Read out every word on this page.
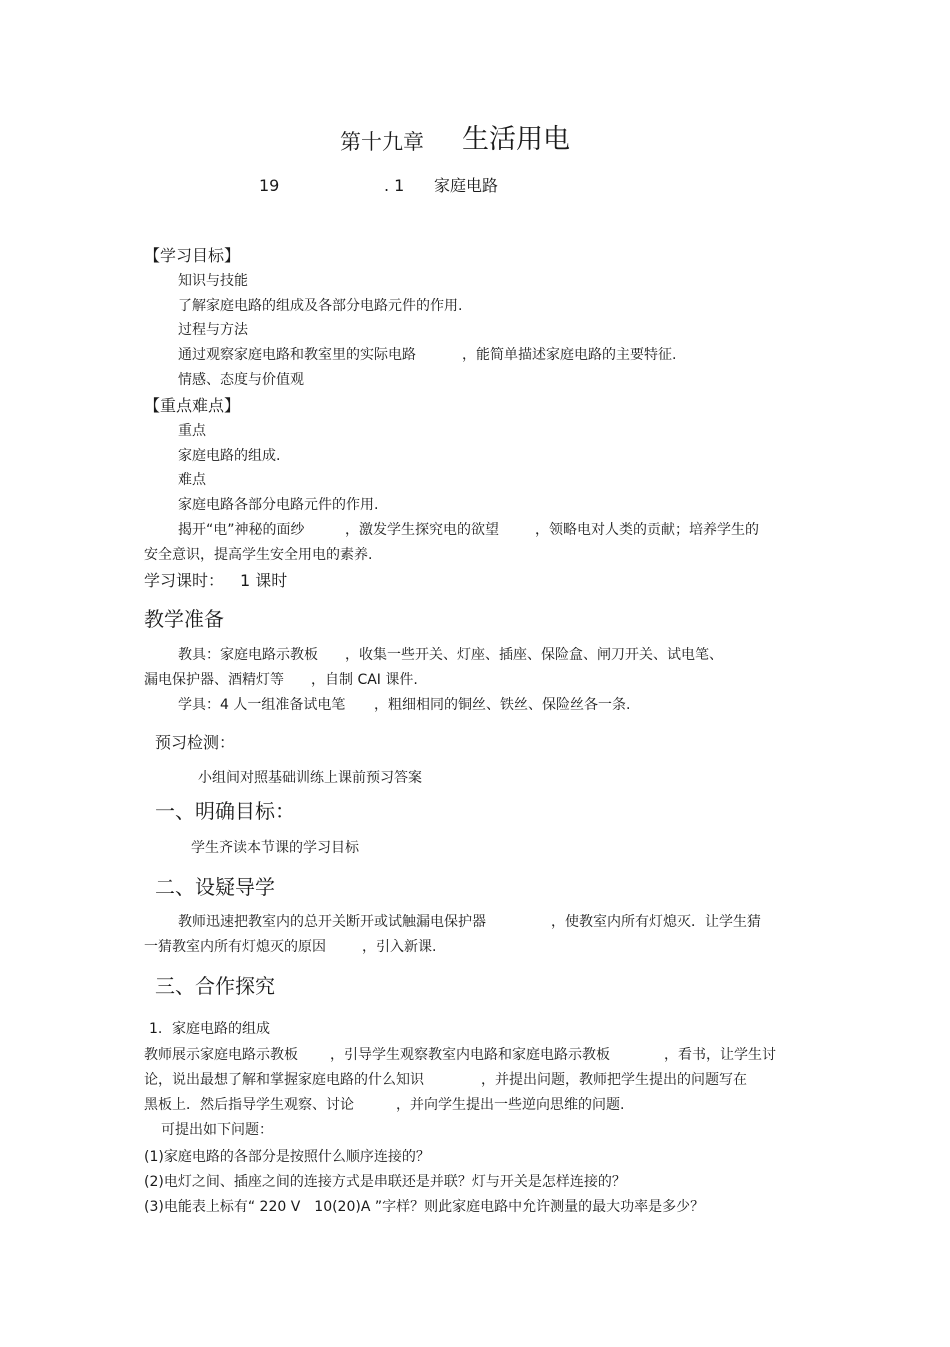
第十九章 生活用电
19	. 1 家庭电路
【学习目标】
知识与技能
了解家庭电路的组成及各部分电路元件的作用.
过程与方法
通过观察家庭电路和教室里的实际电路	，能简单描述家庭电路的主要特征.
情感、态度与价值观
【重点难点】
重点
家庭电路的组成.
难点
家庭电路各部分电路元件的作用.
揭开“电”神秘的面纱	，激发学生探究电的欲望	，领略电对人类的贡献；培养学生的
安全意识，提高学生安全用电的素养.
学习课时： 1 课时
教学准备
教具：家庭电路示教板 ，收集一些开关、灯座、插座、保险盒、闸刀开关、试电笔、
漏电保护器、酒精灯等 ，自制 CAI 课件.
学具：4 人一组准备试电笔 ，粗细相同的铜丝、铁丝、保险丝各一条.
预习检测：
小组间对照基础训练上课前预习答案
一、明确目标：
学生齐读本节课的学习目标
二、设疑导学
教师迅速把教室内的总开关断开或试触漏电保护器	，使教室内所有灯熄灭．让学生猜
一猜教室内所有灯熄灭的原因	，引入新课.
三、合作探究
1. 家庭电路的组成
教师展示家庭电路示教板 ，引导学生观察教室内电路和家庭电路示教板	，看书，让学生讨
论，说出最想了解和掌握家庭电路的什么知识	，并提出问题，教师把学生提出的问题写在
黑板上．然后指导学生观察、讨论	，并向学生提出一些逆向思维的问题.
可提出如下问题：
(1)家庭电路的各部分是按照什么顺序连接的？
(2)电灯之间、插座之间的连接方式是串联还是并联？灯与开关是怎样连接的？
(3)电能表上标有“ 220 V　10(20)A ”字样？则此家庭电路中允许测量的最大功率是多少？
